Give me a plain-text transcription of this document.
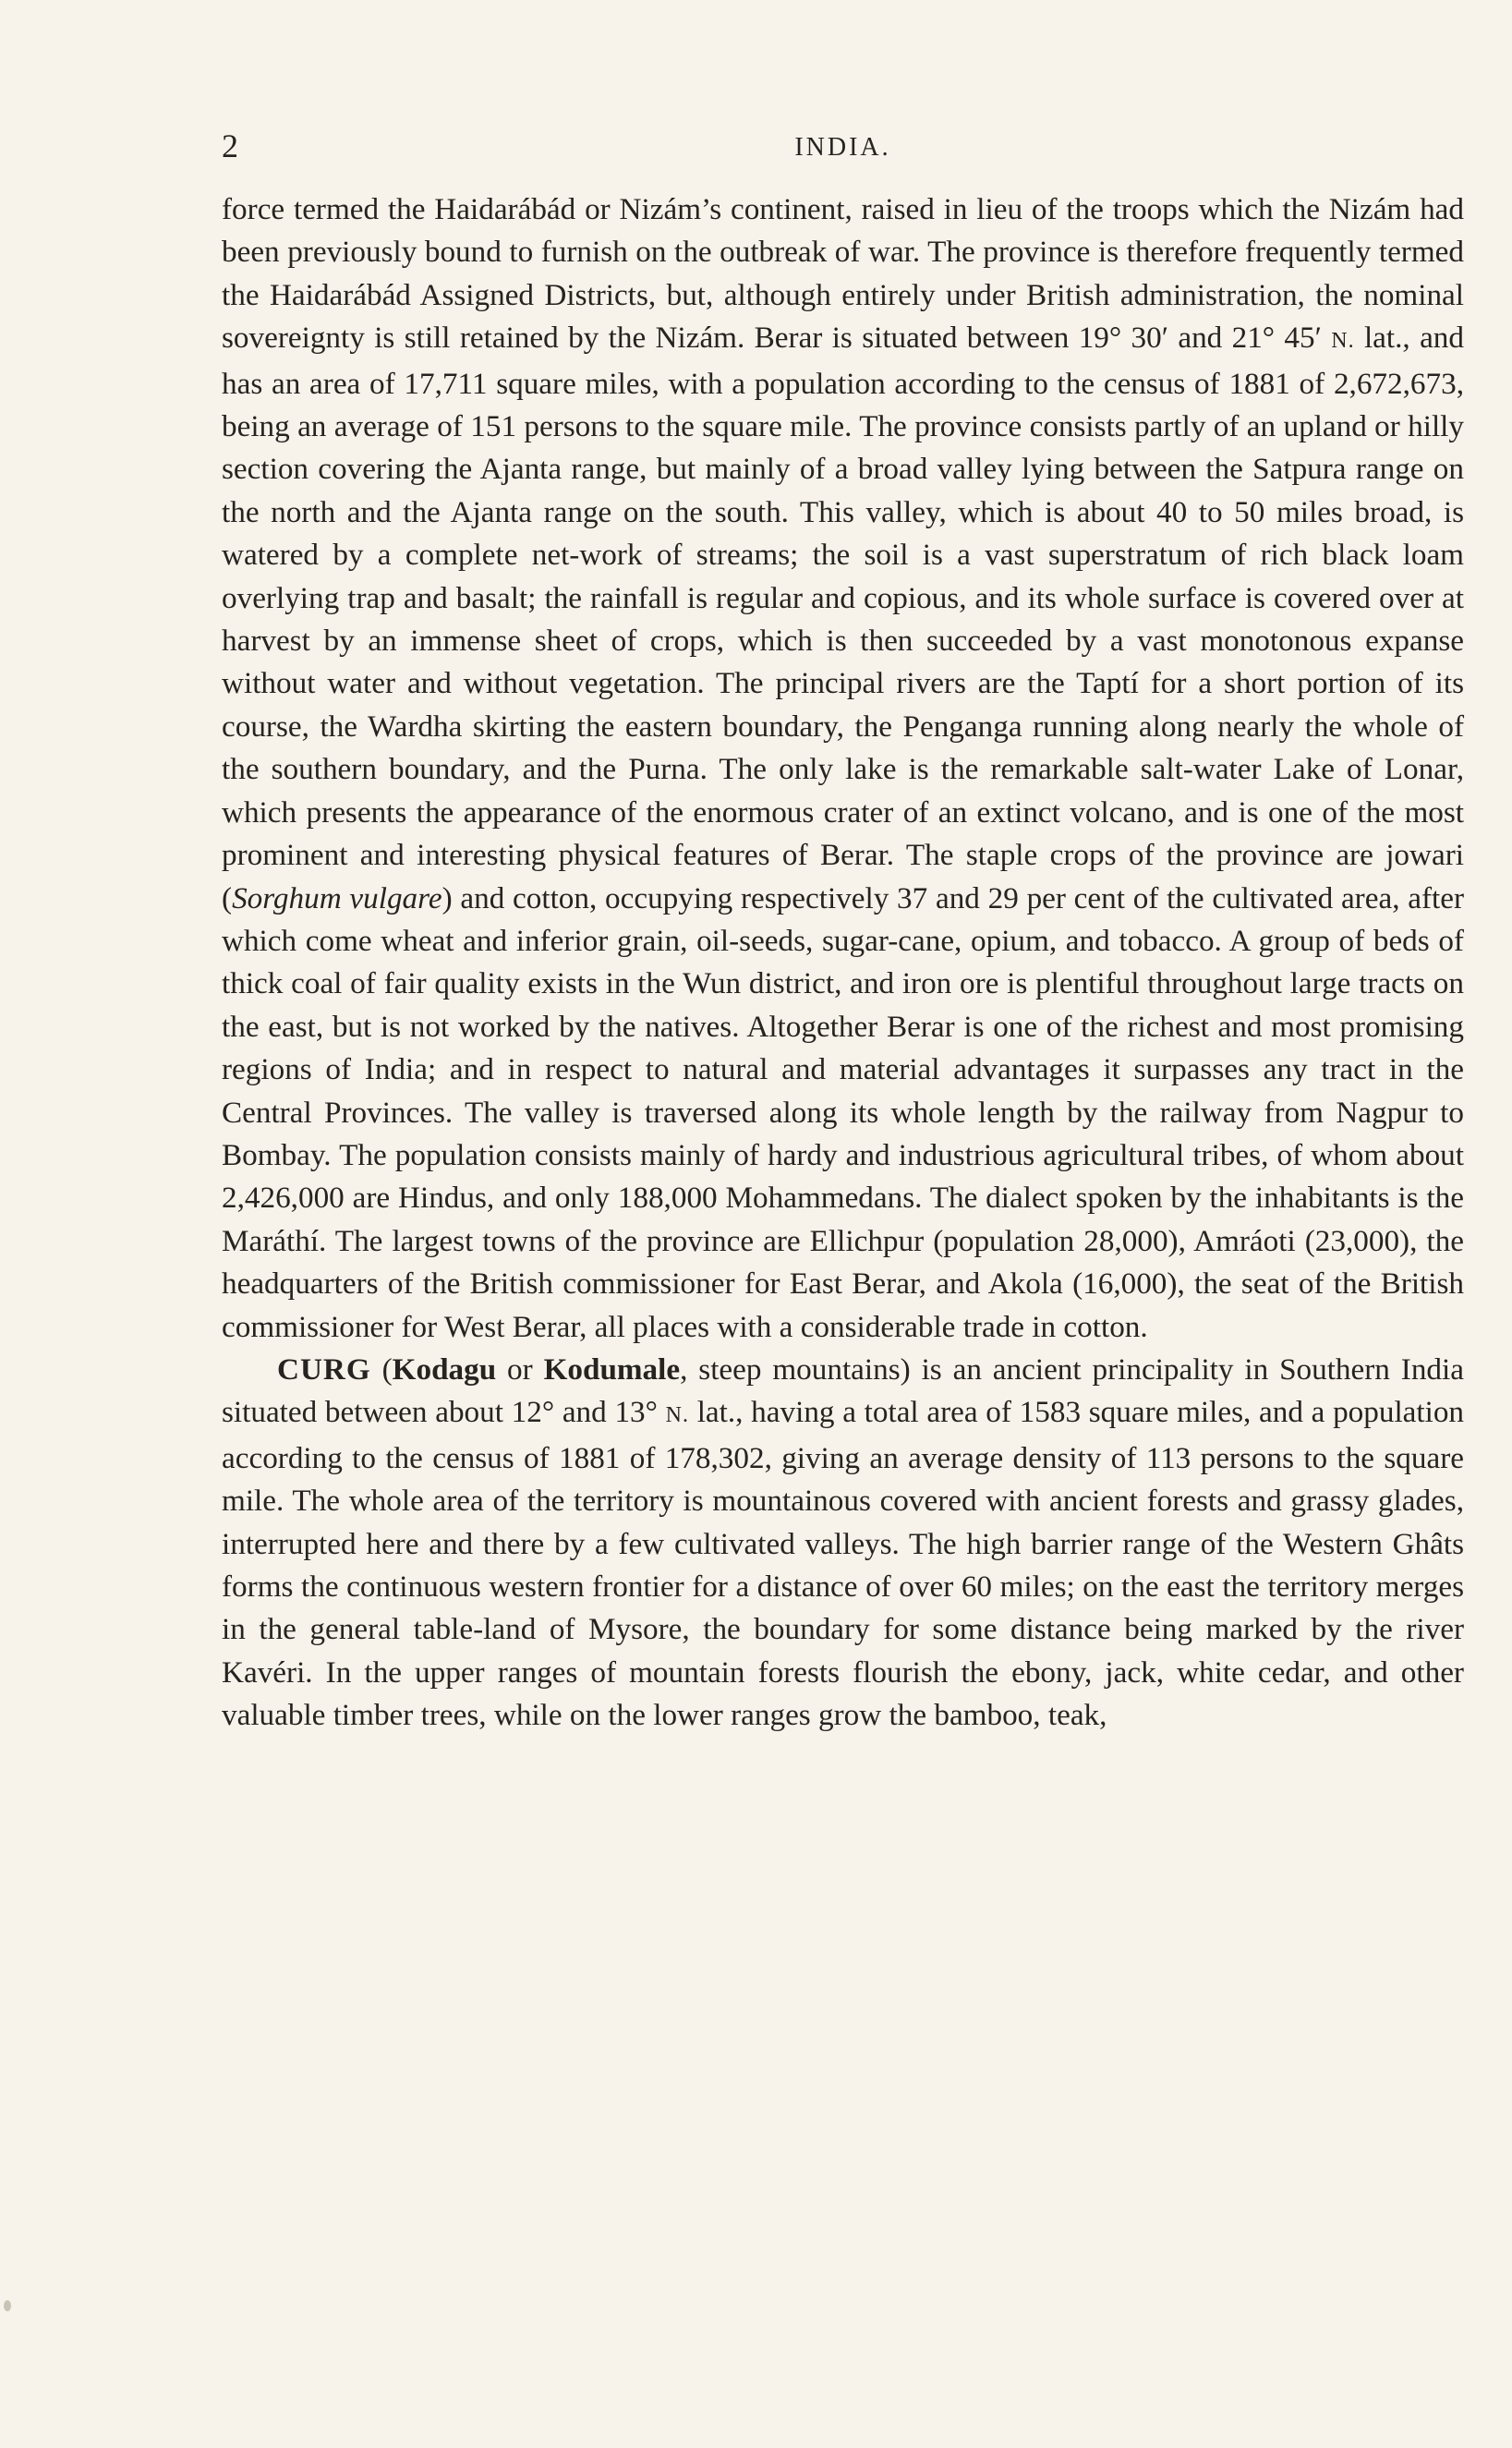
2	INDIA.

force termed the Haidarábád or Nizám’s continent, raised in lieu of the troops which the Nizám had been previously bound to furnish on the outbreak of war. The province is therefore frequently termed the Haidarábád Assigned Districts, but, although entirely under British administration, the nominal sovereignty is still retained by the Nizám. Berar is situated between 19° 30′ and 21° 45′ N. lat., and has an area of 17,711 square miles, with a population according to the census of 1881 of 2,672,673, being an average of 151 persons to the square mile. The province consists partly of an upland or hilly section covering the Ajanta range, but mainly of a broad valley lying between the Satpura range on the north and the Ajanta range on the south. This valley, which is about 40 to 50 miles broad, is watered by a complete net-work of streams; the soil is a vast superstratum of rich black loam overlying trap and basalt; the rainfall is regular and copious, and its whole surface is covered over at harvest by an immense sheet of crops, which is then succeeded by a vast monotonous expanse without water and without vegetation. The principal rivers are the Taptí for a short portion of its course, the Wardha skirting the eastern boundary, the Penganga running along nearly the whole of the southern boundary, and the Purna. The only lake is the remarkable salt-water Lake of Lonar, which presents the appearance of the enormous crater of an extinct volcano, and is one of the most prominent and interesting physical features of Berar. The staple crops of the province are jowari (Sorghum vulgare) and cotton, occupying respectively 37 and 29 per cent of the cultivated area, after which come wheat and inferior grain, oil-seeds, sugar-cane, opium, and tobacco. A group of beds of thick coal of fair quality exists in the Wun district, and iron ore is plentiful throughout large tracts on the east, but is not worked by the natives. Altogether Berar is one of the richest and most promising regions of India; and in respect to natural and material advantages it surpasses any tract in the Central Provinces. The valley is traversed along its whole length by the railway from Nagpur to Bombay. The population consists mainly of hardy and industrious agricultural tribes, of whom about 2,426,000 are Hindus, and only 188,000 Mohammedans. The dialect spoken by the inhabitants is the Maráthí. The largest towns of the province are Ellichpur (population 28,000), Amráoti (23,000), the headquarters of the British commissioner for East Berar, and Akola (16,000), the seat of the British commissioner for West Berar, all places with a considerable trade in cotton.

CURG (Kodagu or Kodumale, steep mountains) is an ancient principality in Southern India situated between about 12° and 13° N. lat., having a total area of 1583 square miles, and a population according to the census of 1881 of 178,302, giving an average density of 113 persons to the square mile. The whole area of the territory is mountainous covered with ancient forests and grassy glades, interrupted here and there by a few cultivated valleys. The high barrier range of the Western Ghâts forms the continuous western frontier for a distance of over 60 miles; on the east the territory merges in the general table-land of Mysore, the boundary for some distance being marked by the river Kavéri. In the upper ranges of mountain forests flourish the ebony, jack, white cedar, and other valuable timber trees, while on the lower ranges grow the bamboo, teak,
